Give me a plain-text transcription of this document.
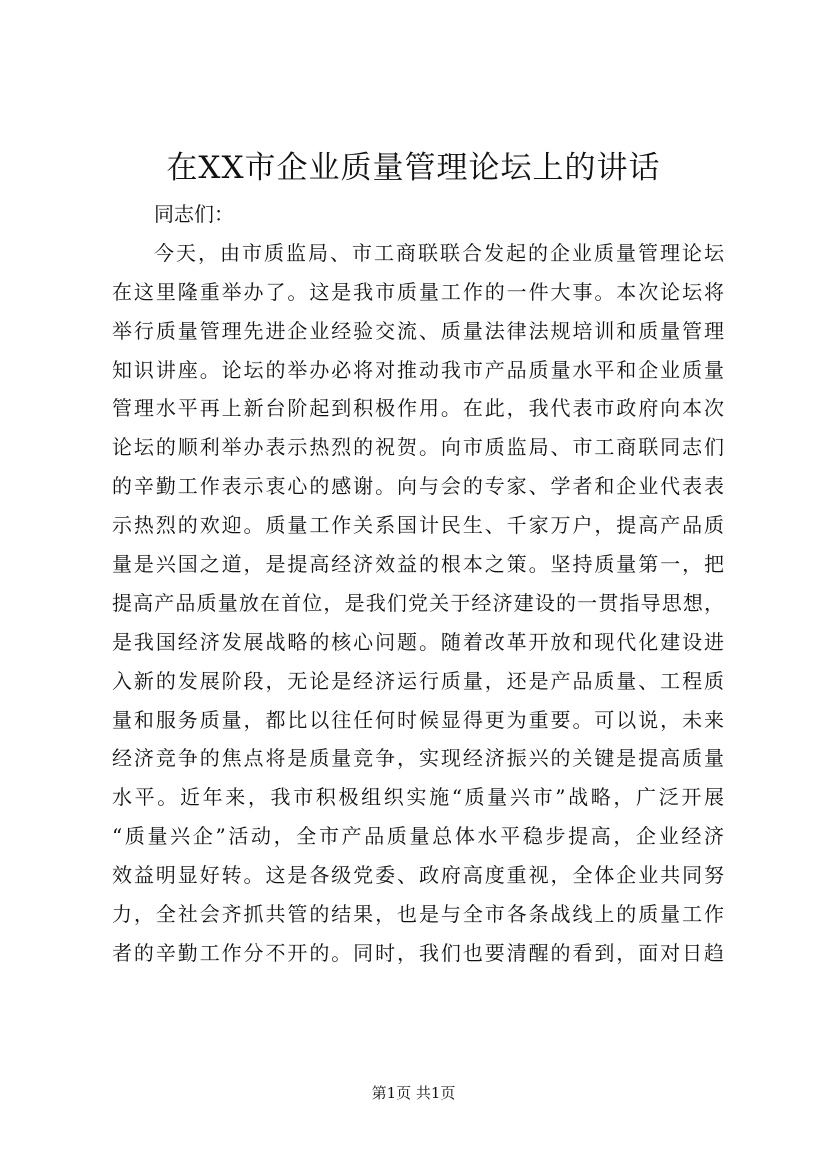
在XX市企业质量管理论坛上的讲话
同志们：
今天，由市质监局、市工商联联合发起的企业质量管理论坛
在这里隆重举办了。这是我市质量工作的一件大事。本次论坛将
举行质量管理先进企业经验交流、质量法律法规培训和质量管理
知识讲座。论坛的举办必将对推动我市产品质量水平和企业质量
管理水平再上新台阶起到积极作用。在此，我代表市政府向本次
论坛的顺利举办表示热烈的祝贺。向市质监局、市工商联同志们
的辛勤工作表示衷心的感谢。向与会的专家、学者和企业代表表
示热烈的欢迎。质量工作关系国计民生、千家万户，提高产品质
量是兴国之道，是提高经济效益的根本之策。坚持质量第一，把
提高产品质量放在首位，是我们党关于经济建设的一贯指导思想，
是我国经济发展战略的核心问题。随着改革开放和现代化建设进
入新的发展阶段，无论是经济运行质量，还是产品质量、工程质
量和服务质量，都比以往任何时候显得更为重要。可以说，未来
经济竞争的焦点将是质量竞争，实现经济振兴的关键是提高质量
水平。近年来，我市积极组织实施“质量兴市”战略，广泛开展
“质量兴企”活动，全市产品质量总体水平稳步提高，企业经济
效益明显好转。这是各级党委、政府高度重视，全体企业共同努
力，全社会齐抓共管的结果，也是与全市各条战线上的质量工作
者的辛勤工作分不开的。同时，我们也要清醒的看到，面对日趋
第1页 共1页
